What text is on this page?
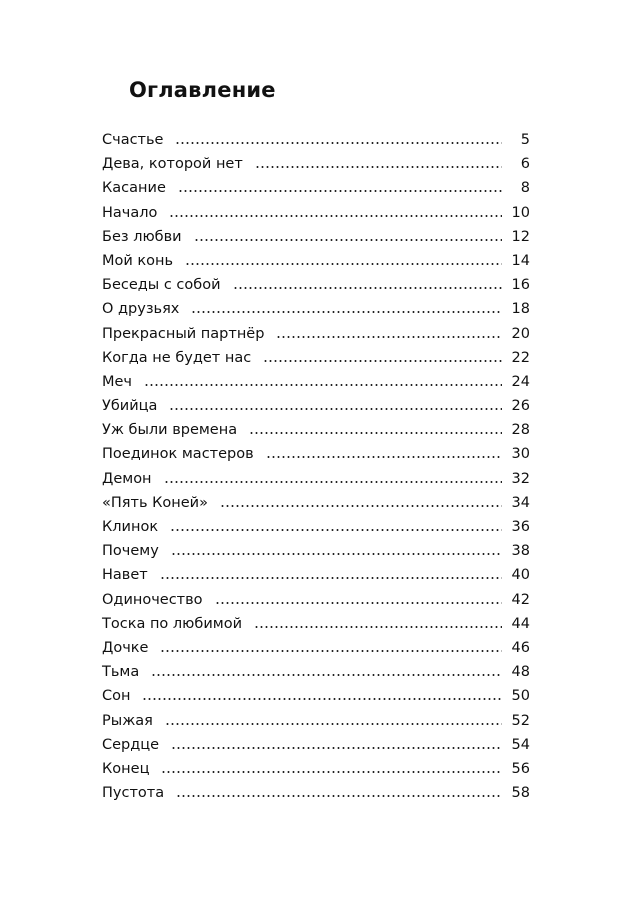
Оглавление
Счастье	5
Дева, которой нет	6
Касание	8
Начало	10
Без любви	12
Мой конь	14
Беседы с собой	16
О друзьях	18
Прекрасный партнёр	20
Когда не будет нас	22
Меч	24
Убийца	26
Уж были времена	28
Поединок мастеров	30
Демон	32
«Пять Коней»	34
Клинок	36
Почему	38
Навет	40
Одиночество	42
Тоска по любимой	44
Дочке	46
Тьма	48
Сон	50
Рыжая	52
Сердце	54
Конец	56
Пустота	58
